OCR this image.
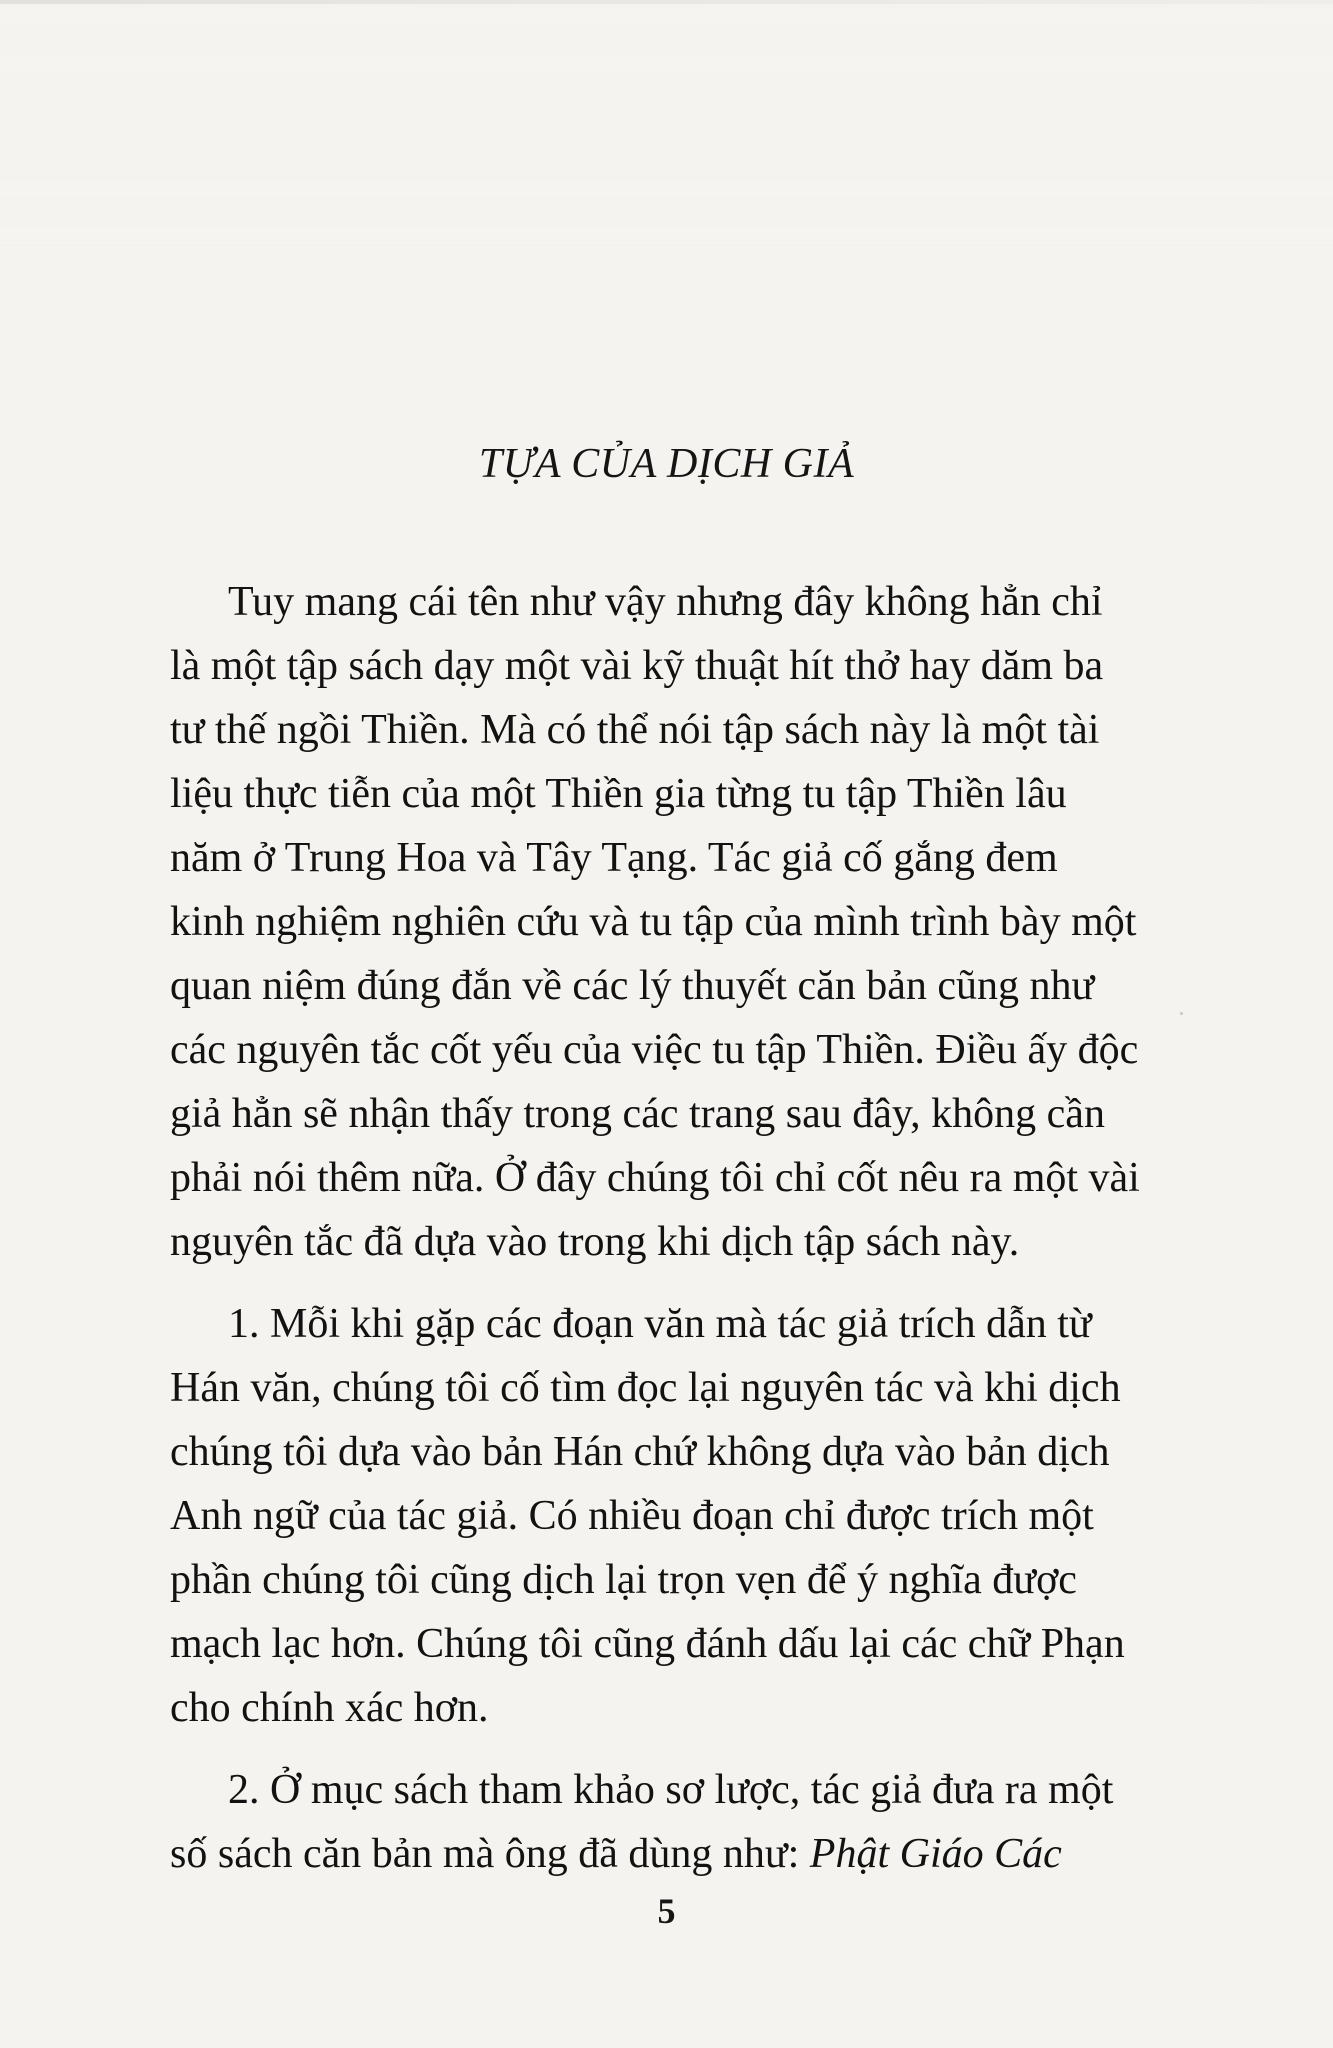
TỰA CỦA DỊCH GIẢ
Tuy mang cái tên như vậy nhưng đây không hẳn chỉ
là một tập sách dạy một vài kỹ thuật hít thở hay dăm ba
tư thế ngồi Thiền. Mà có thể nói tập sách này là một tài
liệu thực tiễn của một Thiền gia từng tu tập Thiền lâu
năm ở Trung Hoa và Tây Tạng. Tác giả cố gắng đem
kinh nghiệm nghiên cứu và tu tập của mình trình bày một
quan niệm đúng đắn về các lý thuyết căn bản cũng như
các nguyên tắc cốt yếu của việc tu tập Thiền. Điều ấy độc
giả hẳn sẽ nhận thấy trong các trang sau đây, không cần
phải nói thêm nữa. Ở đây chúng tôi chỉ cốt nêu ra một vài
nguyên tắc đã dựa vào trong khi dịch tập sách này.
1. Mỗi khi gặp các đoạn văn mà tác giả trích dẫn từ
Hán văn, chúng tôi cố tìm đọc lại nguyên tác và khi dịch
chúng tôi dựa vào bản Hán chứ không dựa vào bản dịch
Anh ngữ của tác giả. Có nhiều đoạn chỉ được trích một
phần chúng tôi cũng dịch lại trọn vẹn để ý nghĩa được
mạch lạc hơn. Chúng tôi cũng đánh dấu lại các chữ Phạn
cho chính xác hơn.
2. Ở mục sách tham khảo sơ lược, tác giả đưa ra một
số sách căn bản mà ông đã dùng như: Phật Giáo Các
5
